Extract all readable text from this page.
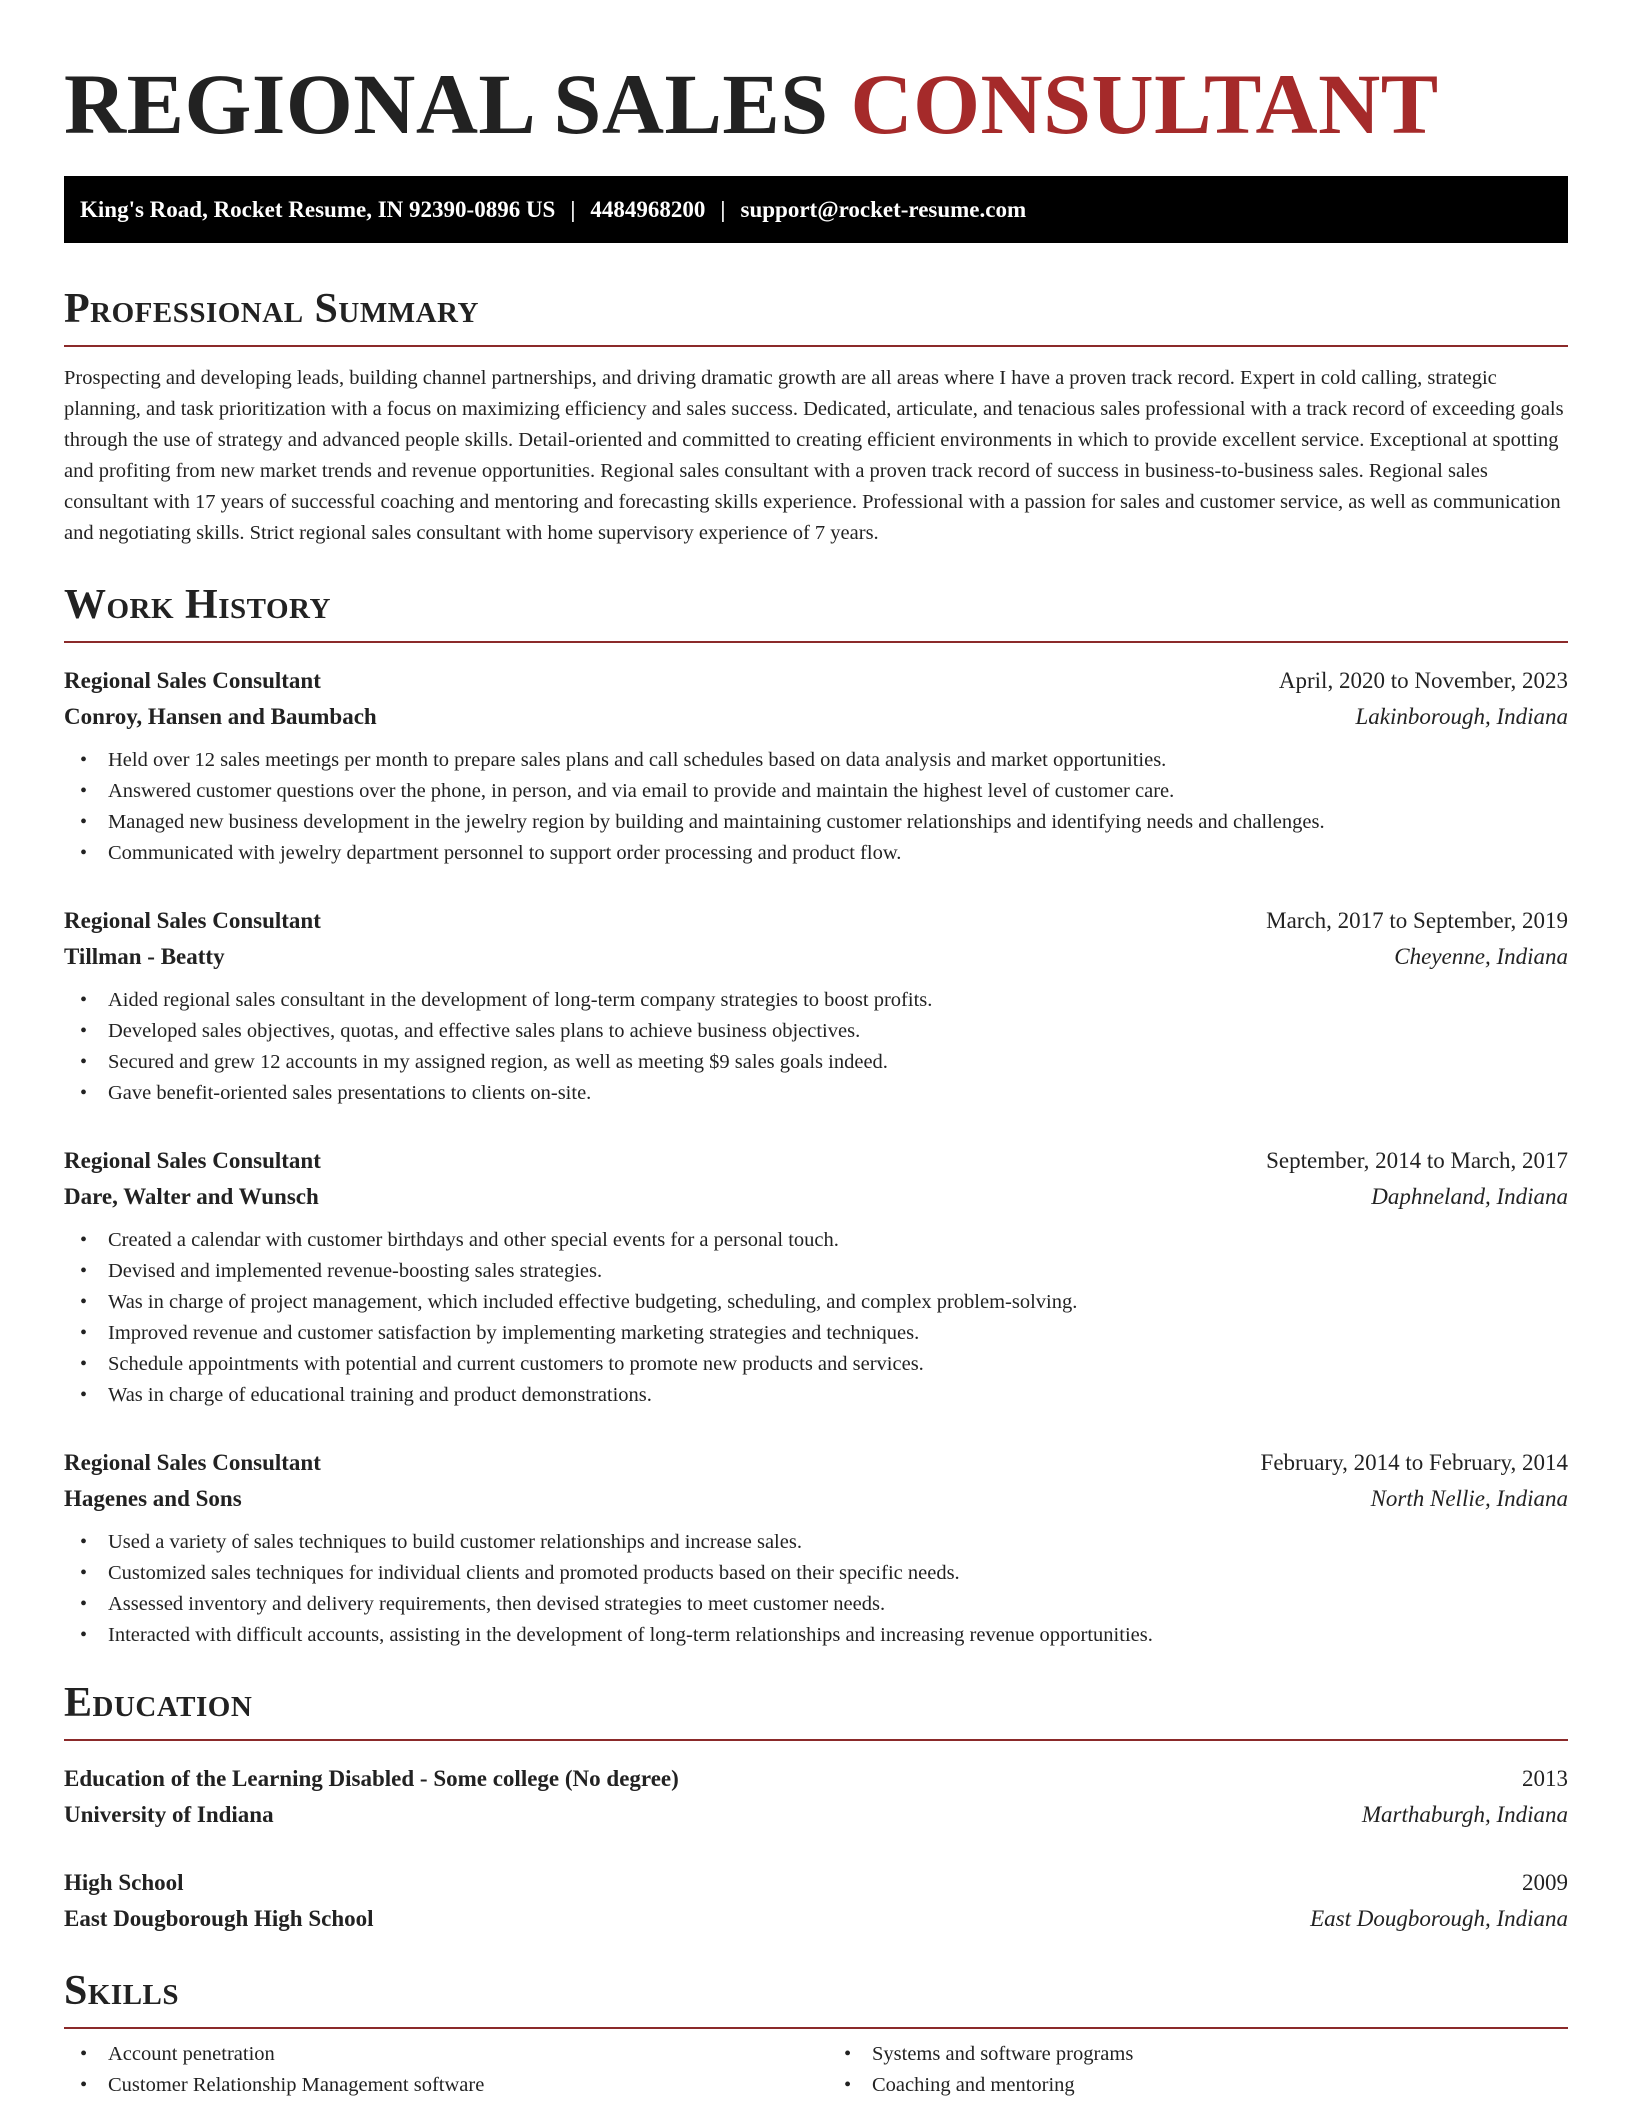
REGIONAL SALES CONSULTANT
King's Road, Rocket Resume, IN 92390-0896 US | 4484968200 | support@rocket-resume.com
Professional Summary

Prospecting and developing leads, building channel partnerships, and driving dramatic growth are all areas where I have a proven track record. Expert in cold calling, strategic planning, and task prioritization with a focus on maximizing efficiency and sales success. Dedicated, articulate, and tenacious sales professional with a track record of exceeding goals through the use of strategy and advanced people skills. Detail-oriented and committed to creating efficient environments in which to provide excellent service. Exceptional at spotting and profiting from new market trends and revenue opportunities. Regional sales consultant with a proven track record of success in business-to-business sales. Regional sales consultant with 17 years of successful coaching and mentoring and forecasting skills experience. Professional with a passion for sales and customer service, as well as communication and negotiating skills. Strict regional sales consultant with home supervisory experience of 7 years.

Work History
Regional Sales Consultant	April, 2020 to November, 2023
Conroy, Hansen and Baumbach	Lakinborough, Indiana
• Held over 12 sales meetings per month to prepare sales plans and call schedules based on data analysis and market opportunities.
• Answered customer questions over the phone, in person, and via email to provide and maintain the highest level of customer care.
• Managed new business development in the jewelry region by building and maintaining customer relationships and identifying needs and challenges.
• Communicated with jewelry department personnel to support order processing and product flow.
Regional Sales Consultant	March, 2017 to September, 2019
Tillman - Beatty	Cheyenne, Indiana
• Aided regional sales consultant in the development of long-term company strategies to boost profits.
• Developed sales objectives, quotas, and effective sales plans to achieve business objectives.
• Secured and grew 12 accounts in my assigned region, as well as meeting $9 sales goals indeed.
• Gave benefit-oriented sales presentations to clients on-site.
Regional Sales Consultant	September, 2014 to March, 2017
Dare, Walter and Wunsch	Daphneland, Indiana
• Created a calendar with customer birthdays and other special events for a personal touch.
• Devised and implemented revenue-boosting sales strategies.
• Was in charge of project management, which included effective budgeting, scheduling, and complex problem-solving.
• Improved revenue and customer satisfaction by implementing marketing strategies and techniques.
• Schedule appointments with potential and current customers to promote new products and services.
• Was in charge of educational training and product demonstrations.
Regional Sales Consultant	February, 2014 to February, 2014
Hagenes and Sons	North Nellie, Indiana
• Used a variety of sales techniques to build customer relationships and increase sales.
• Customized sales techniques for individual clients and promoted products based on their specific needs.
• Assessed inventory and delivery requirements, then devised strategies to meet customer needs.
• Interacted with difficult accounts, assisting in the development of long-term relationships and increasing revenue opportunities.
Education
Education of the Learning Disabled - Some college (No degree)	2013
University of Indiana	Marthaburgh, Indiana
High School	2009
East Dougborough High School	East Dougborough, Indiana
Skills
• Account penetration
• Customer Relationship Management software
• Systems and software programs
• Coaching and mentoring
